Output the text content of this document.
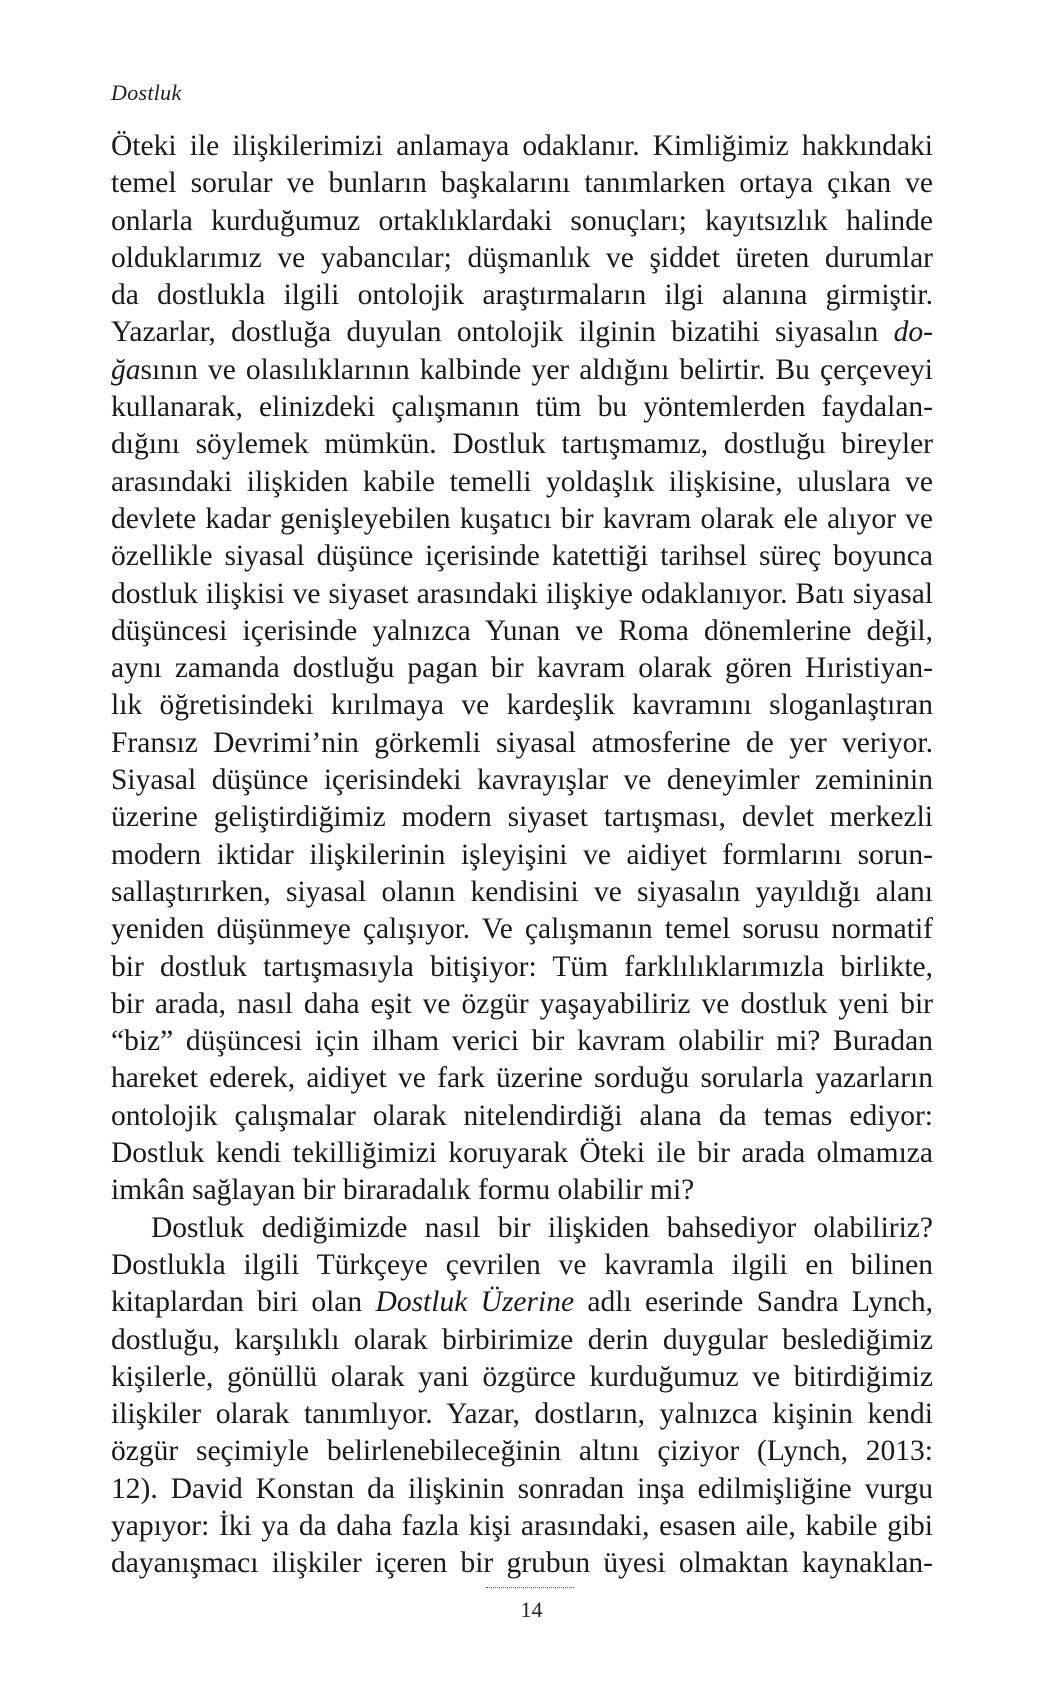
Dostluk
Öteki ile ilişkilerimizi anlamaya odaklanır. Kimliğimiz hakkındaki
temel sorular ve bunların başkalarını tanımlarken ortaya çıkan ve
onlarla kurduğumuz ortaklıklardaki sonuçları; kayıtsızlık halinde
olduklarımız ve yabancılar; düşmanlık ve şiddet üreten durumlar
da dostlukla ilgili ontolojik araştırmaların ilgi alanına girmiştir.
Yazarlar, dostluğa duyulan ontolojik ilginin bizatihi siyasalın do-
ğasının ve olasılıklarının kalbinde yer aldığını belirtir. Bu çerçeveyi
kullanarak, elinizdeki çalışmanın tüm bu yöntemlerden faydalan-
dığını söylemek mümkün. Dostluk tartışmamız, dostluğu bireyler
arasındaki ilişkiden kabile temelli yoldaşlık ilişkisine, uluslara ve
devlete kadar genişleyebilen kuşatıcı bir kavram olarak ele alıyor ve
özellikle siyasal düşünce içerisinde katettiği tarihsel süreç boyunca
dostluk ilişkisi ve siyaset arasındaki ilişkiye odaklanıyor. Batı siyasal
düşüncesi içerisinde yalnızca Yunan ve Roma dönemlerine değil,
aynı zamanda dostluğu pagan bir kavram olarak gören Hıristiyan-
lık öğretisindeki kırılmaya ve kardeşlik kavramını sloganlaştıran
Fransız Devrimi’nin görkemli siyasal atmosferine de yer veriyor.
Siyasal düşünce içerisindeki kavrayışlar ve deneyimler zemininin
üzerine geliştirdiğimiz modern siyaset tartışması, devlet merkezli
modern iktidar ilişkilerinin işleyişini ve aidiyet formlarını sorun-
sallaştırırken, siyasal olanın kendisini ve siyasalın yayıldığı alanı
yeniden düşünmeye çalışıyor. Ve çalışmanın temel sorusu normatif
bir dostluk tartışmasıyla bitişiyor: Tüm farklılıklarımızla birlikte,
bir arada, nasıl daha eşit ve özgür yaşayabiliriz ve dostluk yeni bir
“biz” düşüncesi için ilham verici bir kavram olabilir mi? Buradan
hareket ederek, aidiyet ve fark üzerine sorduğu sorularla yazarların
ontolojik çalışmalar olarak nitelendirdiği alana da temas ediyor:
Dostluk kendi tekilliğimizi koruyarak Öteki ile bir arada olmamıza
imkân sağlayan bir biraradalık formu olabilir mi?
Dostluk dediğimizde nasıl bir ilişkiden bahsediyor olabiliriz?
Dostlukla ilgili Türkçeye çevrilen ve kavramla ilgili en bilinen
kitaplardan biri olan Dostluk Üzerine adlı eserinde Sandra Lynch,
dostluğu, karşılıklı olarak birbirimize derin duygular beslediğimiz
kişilerle, gönüllü olarak yani özgürce kurduğumuz ve bitirdiğimiz
ilişkiler olarak tanımlıyor. Yazar, dostların, yalnızca kişinin kendi
özgür seçimiyle belirlenebileceğinin altını çiziyor (Lynch, 2013:
12). David Konstan da ilişkinin sonradan inşa edilmişliğine vurgu
yapıyor: İki ya da daha fazla kişi arasındaki, esasen aile, kabile gibi
dayanışmacı ilişkiler içeren bir grubun üyesi olmaktan kaynaklan-
14
